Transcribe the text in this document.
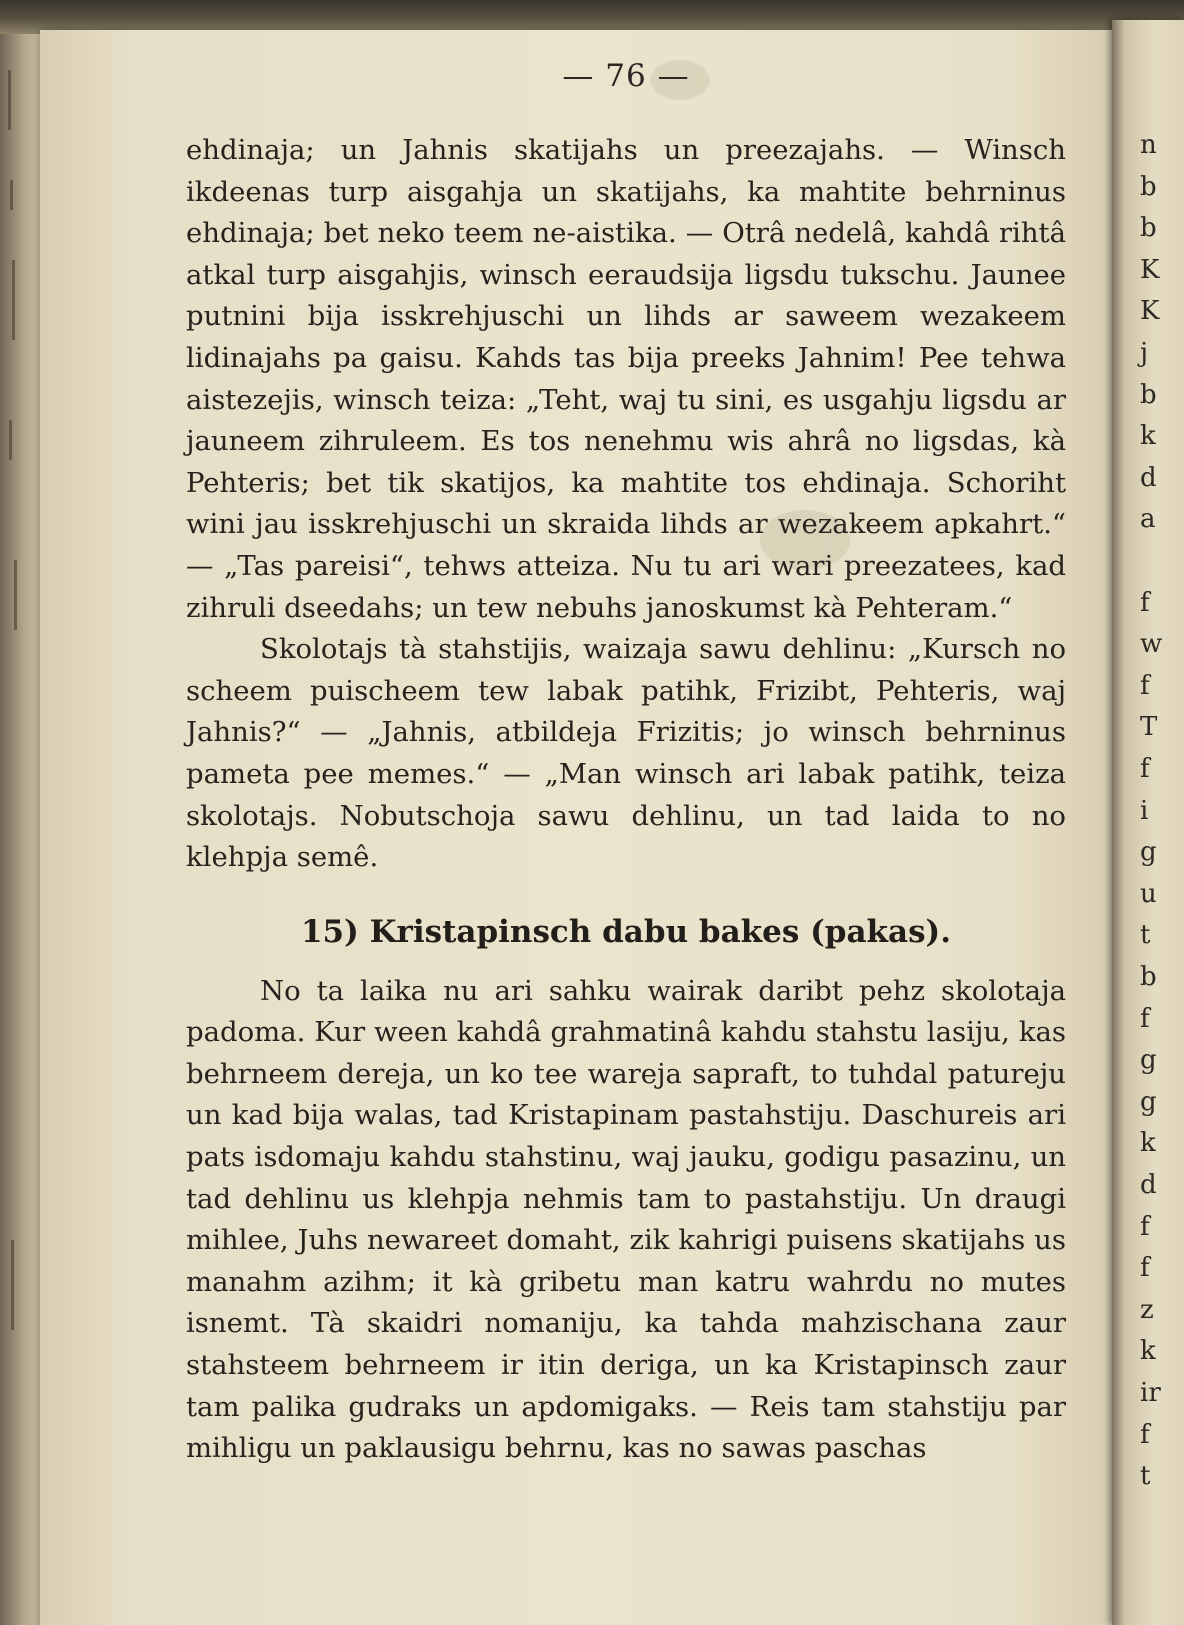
n
b
b
K
K
j
b
k
d
a
f
w
f
T
f
i
g
u
t
b
f
g
g
k
d
f
f
z
k
ir
f
t
— 76 —

ehdinaja; un Jahnis skatijahs un preezajahs. — Winsch ikdeenas turp aisgahja un skatijahs, ka mahtite behrninus ehdinaja; bet neko teem ne-aistika. — Otrâ nedelâ, kahdâ rihtâ atkal turp aisgahjis, winsch eeraudsija ligsdu tukschu. Jaunee putnini bija isskrehjuschi un lihds ar saweem wezakeem lidinajahs pa gaisu. Kahds tas bija preeks Jahnim! Pee tehwa aistezejis, winsch teiza: „Teht, waj tu sini, es usgahju ligsdu ar jauneem zihruleem. Es tos nenehmu wis ahrâ no ligsdas, kà Pehteris; bet tik skatijos, ka mahtite tos ehdinaja. Schoriht wini jau isskrehjuschi un skraida lihds ar wezakeem apkahrt.“ — „Tas pareisi“, tehws atteiza. Nu tu ari wari preezatees, kad zihruli dseedahs; un tew nebuhs janoskumst kà Pehteram.“

Skolotajs tà stahstijis, waizaja sawu dehlinu: „Kursch no scheem puischeem tew labak patihk, Frizibt, Pehteris, waj Jahnis?“ — „Jahnis, atbildeja Frizitis; jo winsch behrninus pameta pee memes.“ — „Man winsch ari labak patihk, teiza skolotajs. Nobutschoja sawu dehlinu, un tad laida to no klehpja semê.

15) Kristapinsch dabu bakes (pakas).

No ta laika nu ari sahku wairak daribt pehz skolotaja padoma. Kur ween kahdâ grahmatinâ kahdu stahstu lasiju, kas behrneem dereja, un ko tee wareja sapraft, to tuhdal patureju un kad bija walas, tad Kristapinam pastahstiju. Daschureis ari pats isdomaju kahdu stahstinu, waj jauku, godigu pasazinu, un tad dehlinu us klehpja nehmis tam to pastahstiju. Un draugi mihlee, Juhs newareet domaht, zik kahrigi puisens skatijahs us manahm azihm; it kà gribetu man katru wahrdu no mutes isnemt. Tà skaidri nomaniju, ka tahda mahzischana zaur stahsteem behrneem ir itin deriga, un ka Kristapinsch zaur tam palika gudraks un apdomigaks. — Reis tam stahstiju par mihligu un paklausigu behrnu, kas no sawas paschas
